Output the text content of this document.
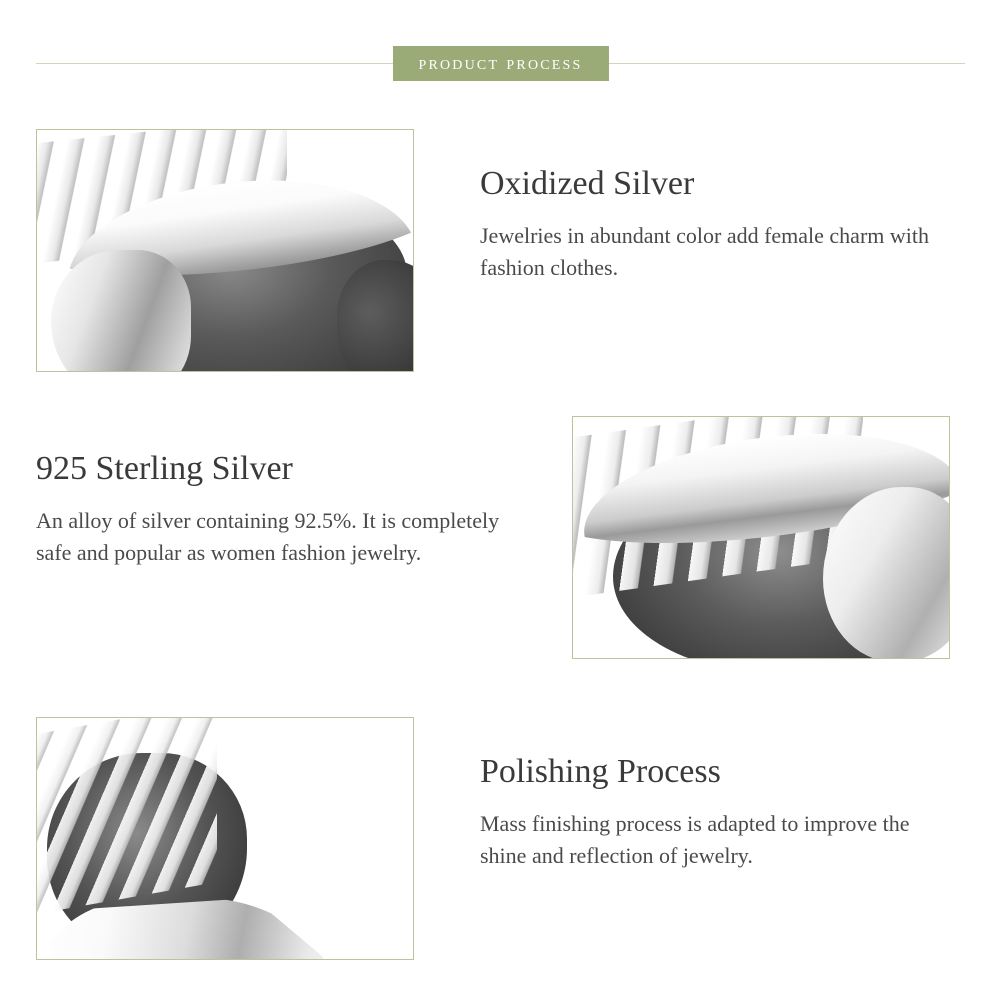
product process
Oxidized Silver

Jewelries in abundant color add female charm with fashion clothes.

925 Sterling Silver

An alloy of silver containing 92.5%. It is completely safe and popular as women fashion jewelry.

Polishing Process

Mass finishing process is adapted to improve the shine and reflection of jewelry.
